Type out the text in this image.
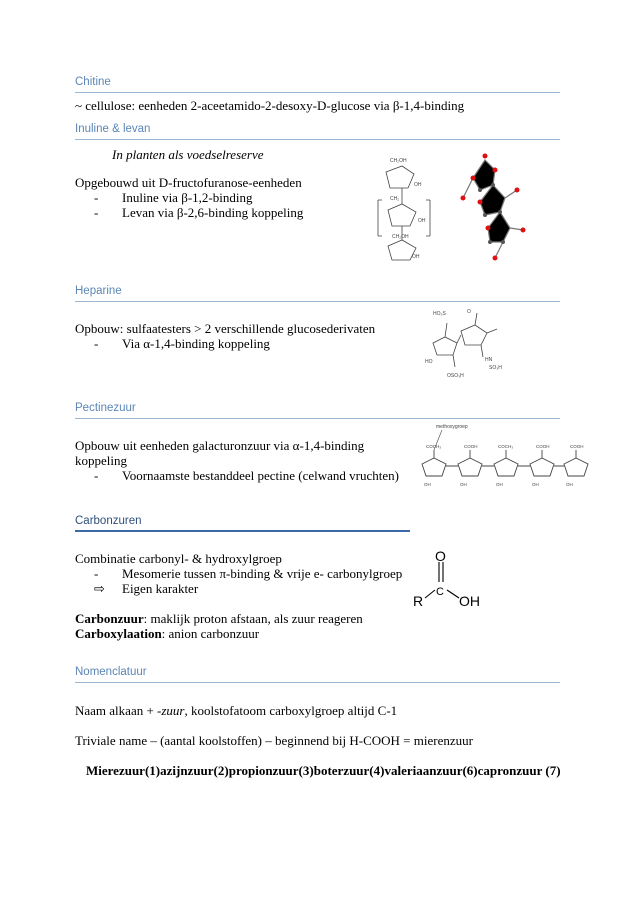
Chitine
~ cellulose: eenheden 2-aceetamido-2-desoxy-D-glucose via β-1,4-binding
Inuline & levan
In planten als voedselreserve
Opgebouwd uit D-fructofuranose-eenheden
- Inuline via β-1,2-binding
- Levan via β-2,6-binding koppeling
CH₂OH
OH
CH₂
OH
CH₂OH
OH
Heparine
Opbouw: sulfaatesters > 2 verschillende glucosederivaten
- Via α-1,4-binding koppeling
HO₃S	O
HO	HN
SO₃H
OSO₃H
Pectinezuur
Opbouw uit eenheden galacturonzuur via α-1,4-binding
koppeling
- Voornaamste bestanddeel pectine (celwand vruchten)
methoxygroep
COCH₃	COOH	COCH₃	COOH	COOH
OH	OH	OH	OH	OH
Carbonzuren
Combinatie carbonyl- & hydroxylgroep
- Mesomerie tussen π-binding & vrije e- carbonylgroep
⇨ Eigen karakter
Carbonzuur: maklijk proton afstaan, als zuur reageren
Carboxylaation: anion carbonzuur
O
C
R	OH
Nomenclatuur
Naam alkaan + -zuur, koolstofatoom carboxylgroep altijd C-1
Triviale name – (aantal koolstoffen) – beginnend bij H-COOH = mierenzuur
Mierezuur(1)azijnzuur(2)propionzuur(3)boterzuur(4)valeriaanzuur(6)capronzuur (7)
